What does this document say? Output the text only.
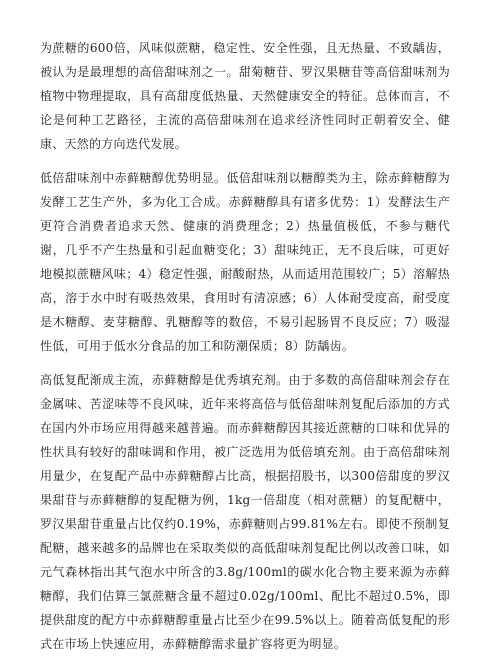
为蔗糖的600倍，风味似蔗糖，稳定性、安全性强，且无热量、不致龋齿，被认为是最理想的高倍甜味剂之一。甜菊糖苷、罗汉果糖苷等高倍甜味剂为植物中物理提取，具有高甜度低热量、天然健康安全的特征。总体而言，不论是何种工艺路径，主流的高倍甜味剂在追求经济性同时正朝着安全、健康、天然的方向迭代发展。

低倍甜味剂中赤藓糖醇优势明显。低倍甜味剂以糖醇类为主，除赤藓糖醇为发酵工艺生产外，多为化工合成。赤藓糖醇具有诸多优势：1）发酵法生产更符合消费者追求天然、健康的消费理念；2）热量值极低，不参与糖代谢，几乎不产生热量和引起血糖变化；3）甜味纯正，无不良后味，可更好地模拟蔗糖风味；4）稳定性强，耐酸耐热，从而适用范围较广；5）溶解热高，溶于水中时有吸热效果，食用时有清凉感；6）人体耐受度高，耐受度是木糖醇、麦芽糖醇、乳糖醇等的数倍，不易引起肠胃不良反应；7）吸湿性低，可用于低水分食品的加工和防潮保质；8）防龋齿。

高低复配渐成主流，赤藓糖醇是优秀填充剂。由于多数的高倍甜味剂会存在金属味、苦涩味等不良风味，近年来将高倍与低倍甜味剂复配后添加的方式在国内外市场应用得越来越普遍。而赤藓糖醇因其接近蔗糖的口味和优异的性状具有较好的甜味调和作用，被广泛选用为低倍填充剂。由于高倍甜味剂用量少，在复配产品中赤藓糖醇占比高，根据招股书，以300倍甜度的罗汉果甜苷与赤藓糖醇的复配糖为例，1kg一倍甜度（相对蔗糖）的复配糖中，罗汉果甜苷重量占比仅约0.19%，赤藓糖则占99.81%左右。即使不预制复配糖，越来越多的品牌也在采取类似的高低甜味剂复配比例以改善口味，如元气森林指出其气泡水中所含的3.8g/100ml的碳水化合物主要来源为赤藓糖醇，我们估算三氯蔗糖含量不超过0.02g/100ml、配比不超过0.5%，即提供甜度的配方中赤藓糖醇重量占比至少在99.5%以上。随着高低复配的形式在市场上快速应用，赤藓糖醇需求量扩容将更为明显。
